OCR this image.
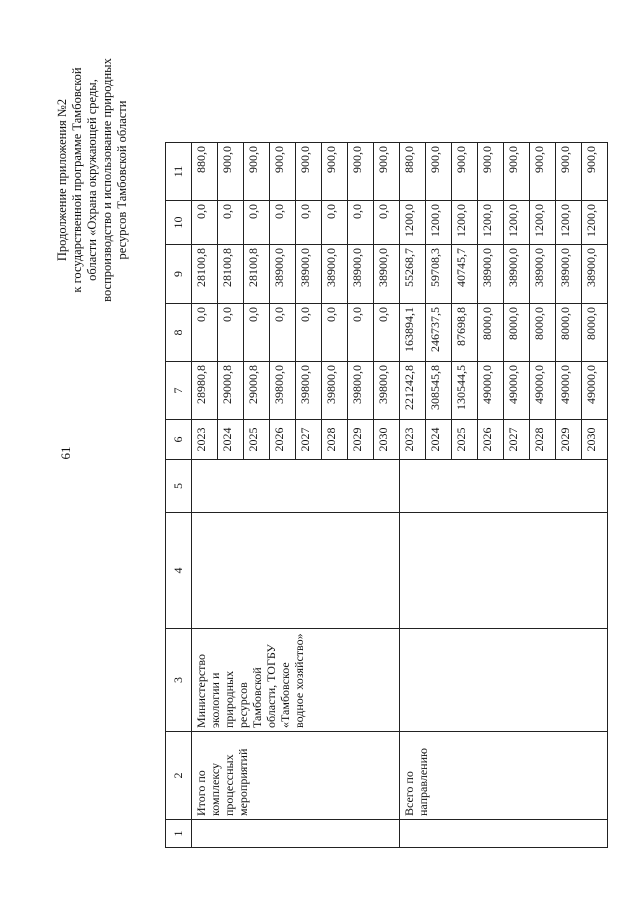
61
Продолжение приложения №2 к государственной программе Тамбовской области «Охрана окружающей среды, воспроизводство и использование природных ресурсов Тамбовской области
1	2	3	4	5	6	7	8	9	10	11
	Итого по комплексу процессных мероприятий	Министерство экологии и природных ресурсов Тамбовской области, ТОГБУ «Тамбовское водное хозяйство»			2023	28980,8	0,0	28100,8	0,0	880,0
					2024	29000,8	0,0	28100,8	0,0	900,0
					2025	29000,8	0,0	28100,8	0,0	900,0
					2026	39800,0	0,0	38900,0	0,0	900,0
					2027	39800,0	0,0	38900,0	0,0	900,0
					2028	39800,0	0,0	38900,0	0,0	900,0
					2029	39800,0	0,0	38900,0	0,0	900,0
					2030	39800,0	0,0	38900,0	0,0	900,0
	Всего по направлению				2023	221242,8	163894,1	55268,7	1200,0	880,0
					2024	308545,8	246737,5	59708,3	1200,0	900,0
					2025	130544,5	87698,8	40745,7	1200,0	900,0
					2026	49000,0	8000,0	38900,0	1200,0	900,0
					2027	49000,0	8000,0	38900,0	1200,0	900,0
					2028	49000,0	8000,0	38900,0	1200,0	900,0
					2029	49000,0	8000,0	38900,0	1200,0	900,0
					2030	49000,0	8000,0	38900,0	1200,0	900,0
